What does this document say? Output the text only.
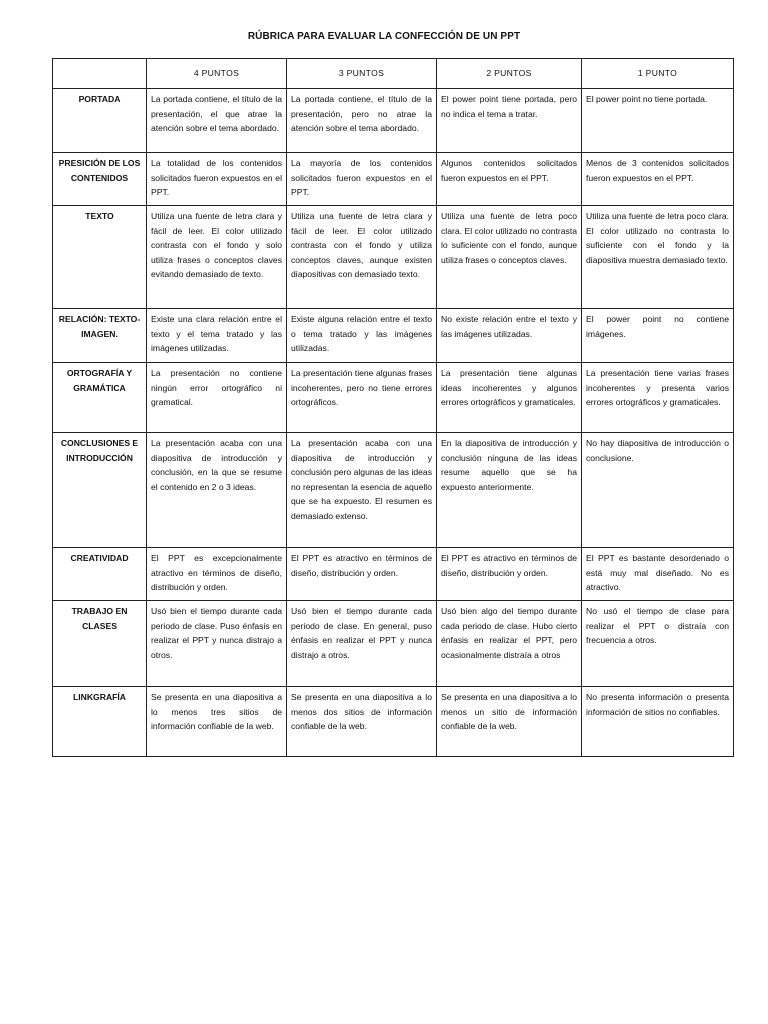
RÚBRICA PARA EVALUAR LA CONFECCIÓN DE UN PPT
	4 PUNTOS	3 PUNTOS	2 PUNTOS	1 PUNTO
PORTADA	La portada contiene, el título de la presentación, el que atrae la atención sobre el tema abordado.	La portada contiene, el título de la presentación, pero no atrae la atención sobre el tema abordado.	El power point tiene portada, pero no indica el tema a tratar.	El power point no tiene portada.
PRESICIÓN DE LOS CONTENIDOS	La totalidad de los contenidos solicitados fueron expuestos en el PPT.	La mayoría de los contenidos solicitados fueron expuestos en el PPT.	Algunos contenidos solicitados fueron expuestos en el PPT.	Menos de 3 contenidos solicitados fueron expuestos en el PPT.
TEXTO	Utiliza una fuente de letra clara y fácil de leer. El color utilizado contrasta con el fondo y solo utiliza frases o conceptos claves evitando demasiado de texto.	Utiliza una fuente de letra clara y fácil de leer. El color utilizado contrasta con el fondo y utiliza conceptos claves, aunque existen diapositivas con demasiado texto.	Utiliza una fuente de letra poco clara. El color utilizado no contrasta lo suficiente con el fondo, aunque utiliza frases o conceptos claves.	Utiliza una fuente de letra poco clara. El color utilizado no contrasta lo suficiente con el fondo y la diapositiva muestra demasiado texto.
RELACIÓN: TEXTO-IMAGEN.	Existe una clara relación entre el texto y el tema tratado y las imágenes utilizadas.	Existe alguna relación entre el texto o tema tratado y las imágenes utilizadas.	No existe relación entre el texto y las imágenes utilizadas.	El power point no contiene imágenes.
ORTOGRAFÍA Y GRAMÁTICA	La presentación no contiene ningún error ortográfico ni gramatical.	La presentación tiene algunas frases incoherentes, pero no tiene errores ortográficos.	La presentación tiene algunas ideas incoherentes y algunos errores ortográficos y gramaticales.	La presentación tiene varias frases incoherentes y presenta varios errores ortográficos y gramaticales.
CONCLUSIONES E INTRODUCCIÓN	La presentación acaba con una diapositiva de introducción y conclusión, en la que se resume el contenido en 2 o 3 ideas.	La presentación acaba con una diapositiva de introducción y conclusión pero algunas de las ideas no representan la esencia de aquello que se ha expuesto. El resumen es demasiado extenso.	En la diapositiva de introducción y conclusión ninguna de las ideas resume aquello que se ha expuesto anteriormente.	No hay diapositiva de introducción o conclusione.
CREATIVIDAD	El PPT es excepcionalmente atractivo en términos de diseño, distribución y orden.	El PPT es atractivo en términos de diseño, distribución y orden.	El PPT es atractivo en términos de diseño, distribución y orden.	El PPT es bastante desordenado o está muy mal diseñado. No es atractivo.
TRABAJO EN CLASES	Usó bien el tiempo durante cada periodo de clase. Puso énfasis en realizar el PPT y nunca distrajo a otros.	Usó bien el tiempo durante cada periodo de clase. En general, puso énfasis en realizar el PPT y nunca distrajo a otros.	Usó bien algo del tiempo durante cada periodo de clase. Hubo cierto énfasis en realizar el PPT, pero ocasionalmente distraía a otros	No usó el tiempo de clase para realizar el PPT o distraía con frecuencia a otros.
LINKGRAFÍA	Se presenta en una diapositiva a lo menos tres sitios de información confiable de la web.	Se presenta en una diapositiva a lo menos dos sitios de información confiable de la web.	Se presenta en una diapositiva a lo menos un sitio de información confiable de la web.	No presenta información o presenta información de sitios no confiables.
